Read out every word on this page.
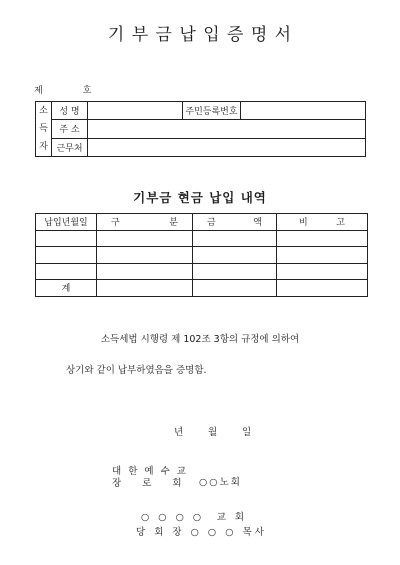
기 부 금 납 입 증 명 서
제	호
소
득
자	성 명		주민등록번호	
	주 소			
	근무처			
기부금 현금 납입 내역
납입년월일	구 분	금 액	비 고

계			
소득세법 시행령 제 102조 3항의 규정에 의하여
상기와 같이 납부하였음을 증명함.
년	월	일
대 한 예 수 교
장 로 회 ○○노회
○ ○ ○ ○　교 회
당 회 장 ○ ○ ○ 목사
